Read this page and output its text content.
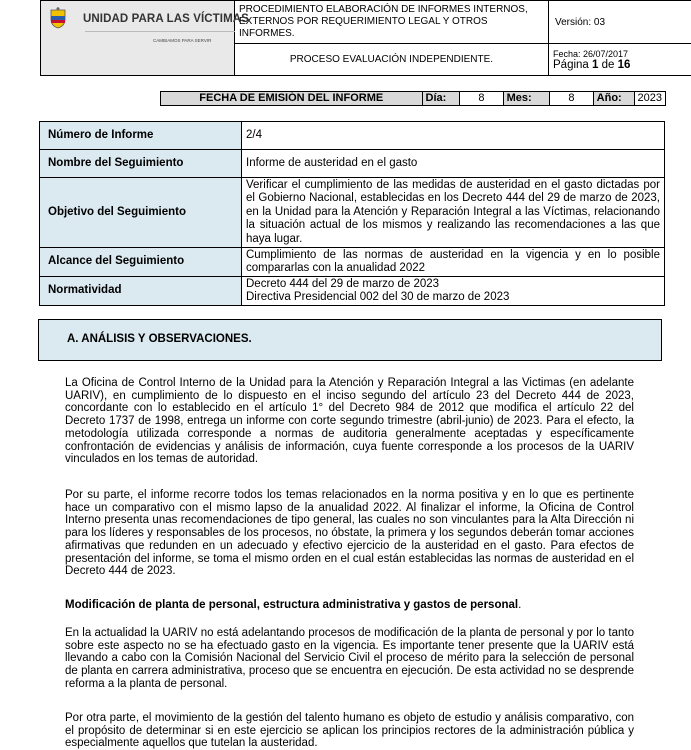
UNIDAD PARA LAS VÍCTIMAS
CAMBIAMOS PARA SERVIR	PROCEDIMIENTO ELABORACIÓN DE INFORMES INTERNOS, EXTERNOS POR REQUERIMIENTO LEGAL Y OTROS INFORMES.	Versión: 03
	PROCESO EVALUACIÓN INDEPENDIENTE.	Fecha: 26/07/2017
Página 1 de 16
FECHA DE EMISIÓN DEL INFORME	Día:	8	Mes:	8	Año:	2023
Número de Informe	2/4
Nombre del Seguimiento	Informe de austeridad en el gasto
Objetivo del Seguimiento	Verificar el cumplimiento de las medidas de austeridad en el gasto dictadas por el Gobierno Nacional, establecidas en los Decreto 444 del 29 de marzo de 2023, en la Unidad para la Atención y Reparación Integral a las Víctimas, relacionando la situación actual de los mismos y realizando las recomendaciones a las que haya lugar.
Alcance del Seguimiento	Cumplimiento de las normas de austeridad en la vigencia y en lo posible compararlas con la anualidad 2022
Normatividad	Decreto 444 del 29 de marzo de 2023
Directiva Presidencial 002 del 30 de marzo de 2023
A. ANÁLISIS Y OBSERVACIONES.
La Oficina de Control Interno de la Unidad para la Atención y Reparación Integral a las Victimas (en adelante UARIV), en cumplimiento de lo dispuesto en el inciso segundo del artículo 23 del Decreto 444 de 2023, concordante con lo establecido en el artículo 1° del Decreto 984 de 2012 que modifica el artículo 22 del Decreto 1737 de 1998, entrega un informe con corte segundo trimestre (abril-junio) de 2023. Para el efecto, la metodología utilizada corresponde a normas de auditoria generalmente aceptadas y específicamente confrontación de evidencias y análisis de información, cuya fuente corresponde a los procesos de la UARIV vinculados en los temas de autoridad.
Por su parte, el informe recorre todos los temas relacionados en la norma positiva y en lo que es pertinente hace un comparativo con el mismo lapso de la anualidad 2022. Al finalizar el informe, la Oficina de Control Interno presenta unas recomendaciones de tipo general, las cuales no son vinculantes para la Alta Dirección ni para los líderes y responsables de los procesos, no óbstate, la primera y los segundos deberán tomar acciones afirmativas que redunden en un adecuado y efectivo ejercicio de la austeridad en el gasto. Para efectos de presentación del informe, se toma el mismo orden en el cual están establecidas las normas de austeridad en el Decreto 444 de 2023.
Modificación de planta de personal, estructura administrativa y gastos de personal.
En la actualidad la UARIV no está adelantando procesos de modificación de la planta de personal y por lo tanto sobre este aspecto no se ha efectuado gasto en la vigencia. Es importante tener presente que la UARIV está llevando a cabo con la Comisión Nacional del Servicio Civil el proceso de mérito para la selección de personal de planta en carrera administrativa, proceso que se encuentra en ejecución. De esta actividad no se desprende reforma a la planta de personal.
Por otra parte, el movimiento de la gestión del talento humano es objeto de estudio y análisis comparativo, con el propósito de determinar si en este ejercicio se aplican los principios rectores de la administración pública y especialmente aquellos que tutelan la austeridad.
